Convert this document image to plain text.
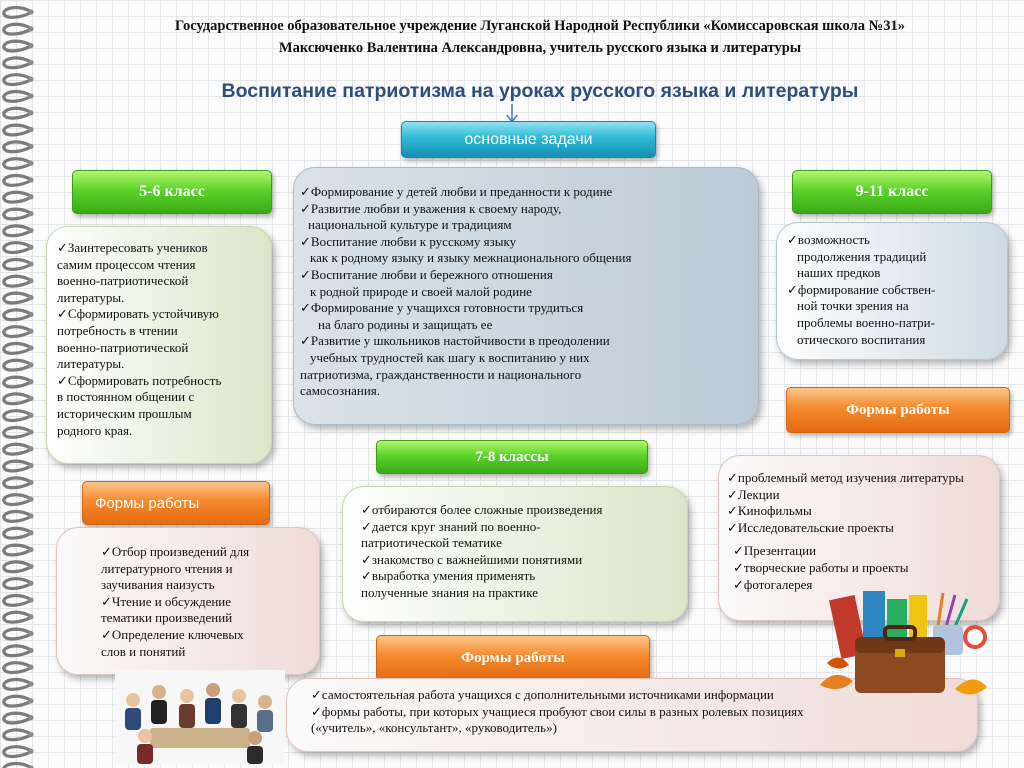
Государственное образовательное учреждение Луганской Народной Республики «Комиссаровская школа №31»
Максюченко Валентина Александровна, учитель русского языка и литературы
Воспитание патриотизма на уроках русского языка и литературы
основные задачи
✓Формирование у детей любви и преданности к родине
✓Развитие любви и уважения к своему народу,
национальной культуре и традициям
✓Воспитание любви к русскому языку
как к родному языку и языку межнационального общения
✓Воспитание любви и бережного отношения
к родной природе и своей малой родине
✓Формирование у учащихся готовности трудиться
на благо родины и защищать ее
✓Развитие у школьников настойчивости в преодолении
учебных трудностей как шагу к воспитанию у них
патриотизма, гражданственности и национального
самосознания.
5-6 класс
✓Заинтересовать учеников
самим процессом чтения
военно-патриотической
литературы.
✓Сформировать устойчивую
потребность в чтении
военно-патриотической
литературы.
✓Сформировать потребность
в постоянном общении с
историческим прошлым
родного края.
Формы работы
✓Отбор произведений для
литературного чтения и
заучивания наизусть
✓Чтение и обсуждение
тематики произведений
✓Определение ключевых
слов и понятий
9-11 класс
✓возможность
продолжения традиций
наших предков
✓формирование собствен-
ной точки зрения на
проблемы военно-патри-
отического воспитания
Формы работы
✓проблемный метод изучения литературы
✓Лекции
✓Кинофильмы
✓Исследовательские проекты
✓Презентации
✓творческие работы и проекты
✓фотогалерея
7-8 классы
✓отбираются более сложные произведения
✓дается круг знаний по военно-
патриотической тематике
✓знакомство с важнейшими понятиями
✓выработка умения применять
полученные знания на практике
Формы работы
✓самостоятельная работа учащихся с дополнительными источниками информации
✓формы работы, при которых учащиеся пробуют свои силы в разных ролевых позициях
(«учитель», «консультант», «руководитель»)
